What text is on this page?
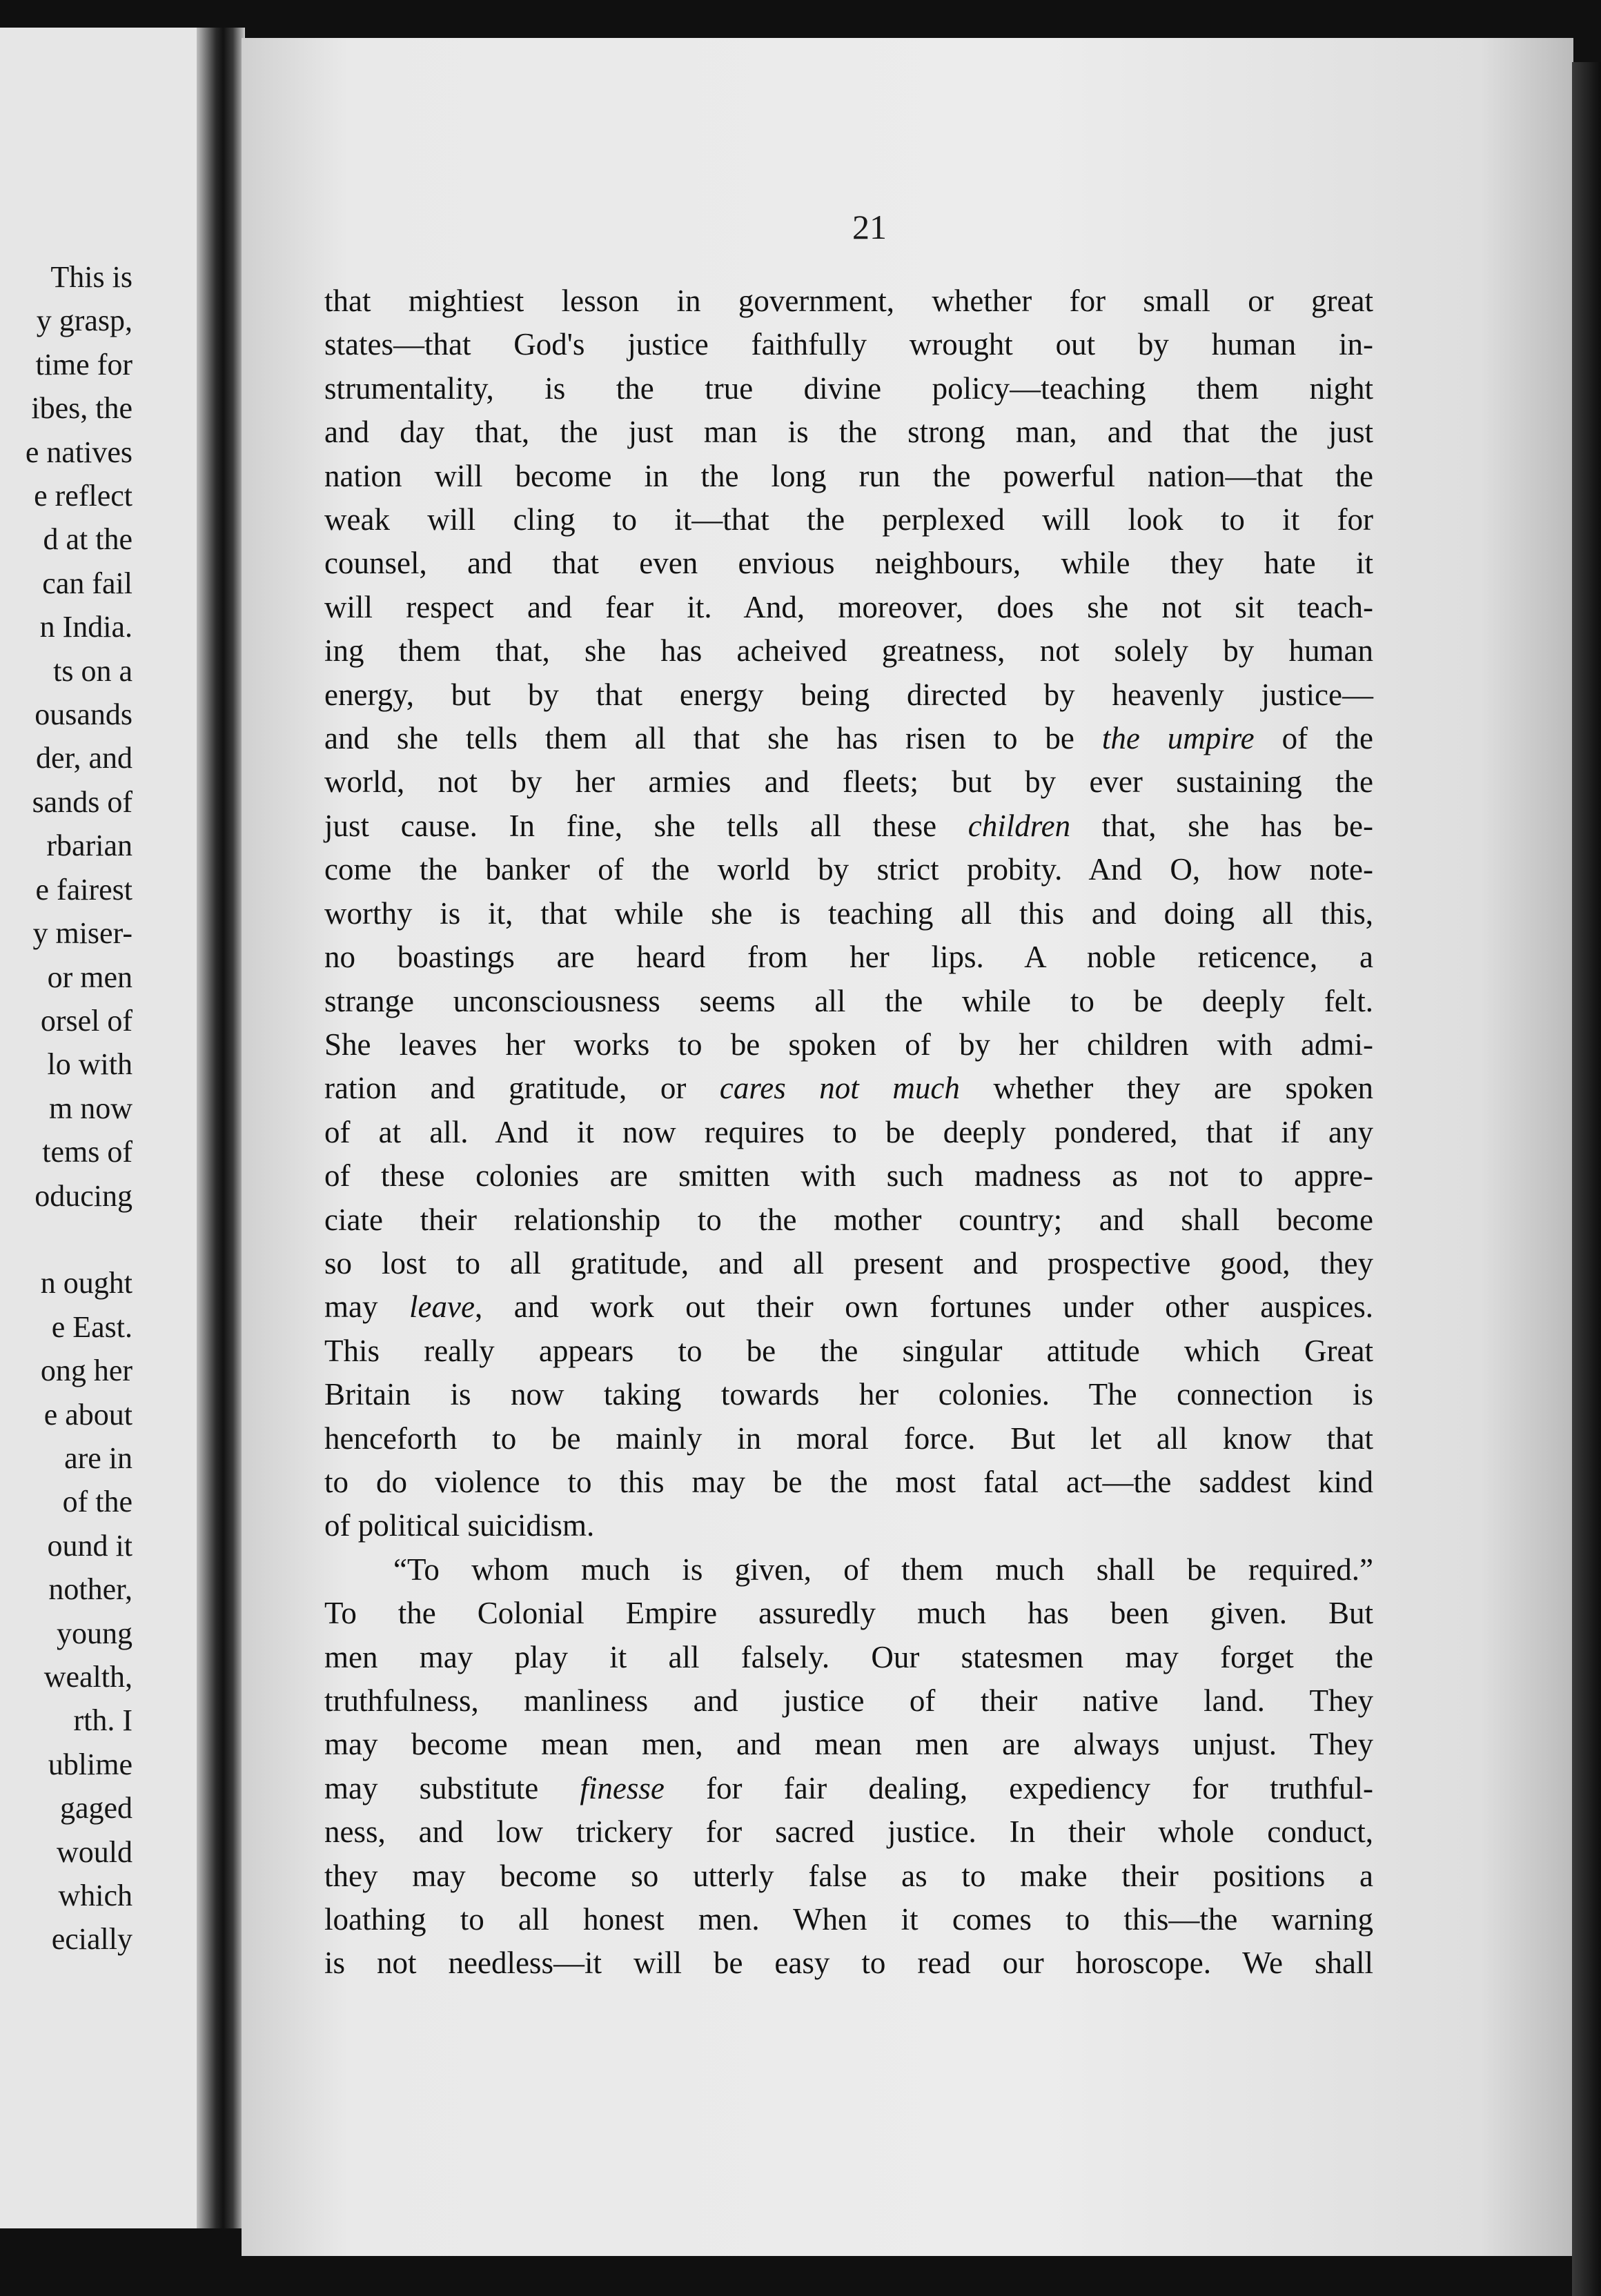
This is
y grasp,
time for
ibes, the
e natives
e reflect
d at the
can fail
n India.
ts on a
ousands
der, and
sands of
rbarian
e fairest
y miser-
or men
orsel of
lo with
m now
tems of
oducing

n ought
e East.
ong her
e about
are in
of the
ound it
nother,
young
wealth,
rth. I
ublime
gaged
would
which
ecially
21
that mightiest lesson in government, whether for small or great
states—that God's justice faithfully wrought out by human in-
strumentality, is the true divine policy—teaching them night
and day that, the just man is the strong man, and that the just
nation will become in the long run the powerful nation—that the
weak will cling to it—that the perplexed will look to it for
counsel, and that even envious neighbours, while they hate it
will respect and fear it. And, moreover, does she not sit teach-
ing them that, she has acheived greatness, not solely by human
energy, but by that energy being directed by heavenly justice—
and she tells them all that she has risen to be the umpire of the
world, not by her armies and fleets; but by ever sustaining the
just cause. In fine, she tells all these children that, she has be-
come the banker of the world by strict probity. And O, how note-
worthy is it, that while she is teaching all this and doing all this,
no boastings are heard from her lips. A noble reticence, a
strange unconsciousness seems all the while to be deeply felt.
She leaves her works to be spoken of by her children with admi-
ration and gratitude, or cares not much whether they are spoken
of at all. And it now requires to be deeply pondered, that if any
of these colonies are smitten with such madness as not to appre-
ciate their relationship to the mother country; and shall become
so lost to all gratitude, and all present and prospective good, they
may leave, and work out their own fortunes under other auspices.
This really appears to be the singular attitude which Great
Britain is now taking towards her colonies. The connection is
henceforth to be mainly in moral force. But let all know that
to do violence to this may be the most fatal act—the saddest kind
of political suicidism.
“To whom much is given, of them much shall be required.”
To the Colonial Empire assuredly much has been given. But
men may play it all falsely. Our statesmen may forget the
truthfulness, manliness and justice of their native land. They
may become mean men, and mean men are always unjust. They
may substitute finesse for fair dealing, expediency for truthful-
ness, and low trickery for sacred justice. In their whole conduct,
they may become so utterly false as to make their positions a
loathing to all honest men. When it comes to this—the warning
is not needless—it will be easy to read our horoscope. We shall
